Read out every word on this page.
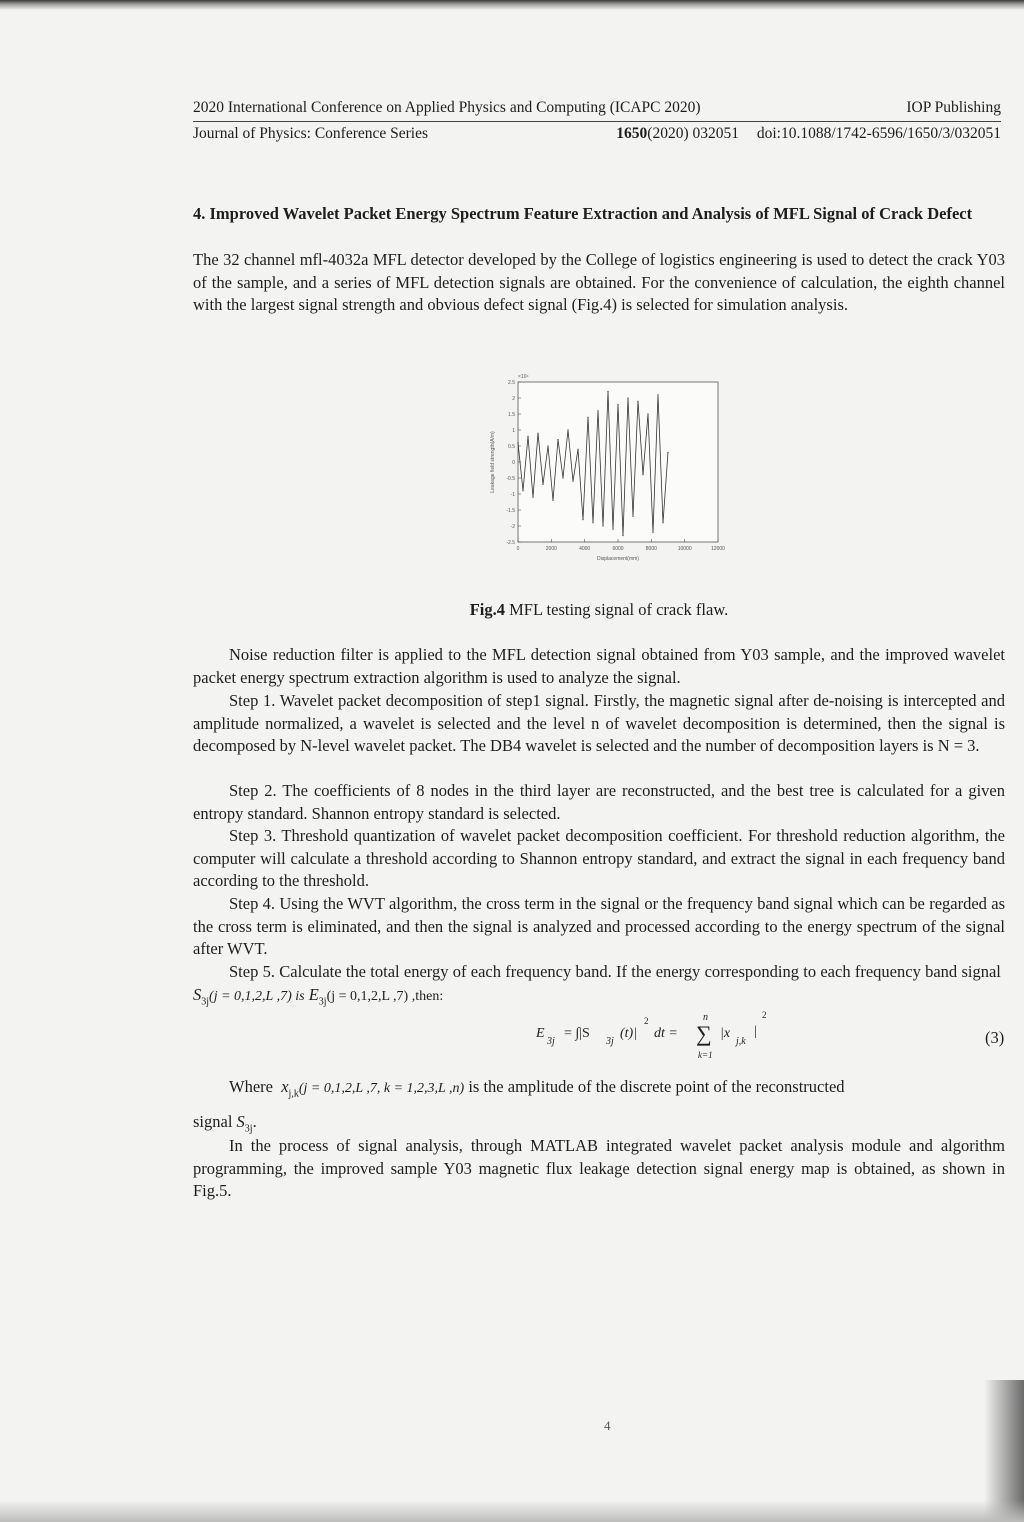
2020 International Conference on Applied Physics and Computing (ICAPC 2020)	IOP Publishing
Journal of Physics: Conference Series	1650(2020) 032051 doi:10.1088/1742-6596/1650/3/032051
4. Improved Wavelet Packet Energy Spectrum Feature Extraction and Analysis of MFL Signal of Crack Defect
The 32 channel mfl-4032a MFL detector developed by the College of logistics engineering is used to detect the crack Y03 of the sample, and a series of MFL detection signals are obtained. For the convenience of calculation, the eighth channel with the largest signal strength and obvious defect signal (Fig.4) is selected for simulation analysis.
0	2000	4000	6000	8000	10000	12000
2.5
2
1.5
1
0.5
0
-0.5
-1
-1.5
-2
-2.5
×10⁴
Displacement(mm)
Leakage field strength(A/m)
Fig.4 MFL testing signal of crack flaw.
Noise reduction filter is applied to the MFL detection signal obtained from Y03 sample, and the improved wavelet packet energy spectrum extraction algorithm is used to analyze the signal.
Step 1. Wavelet packet decomposition of step1 signal. Firstly, the magnetic signal after de-noising is intercepted and amplitude normalized, a wavelet is selected and the level n of wavelet decomposition is determined, then the signal is decomposed by N-level wavelet packet. The DB4 wavelet is selected and the number of decomposition layers is N = 3.
Step 2. The coefficients of 8 nodes in the third layer are reconstructed, and the best tree is calculated for a given entropy standard. Shannon entropy standard is selected.
Step 3. Threshold quantization of wavelet packet decomposition coefficient. For threshold reduction algorithm, the computer will calculate a threshold according to Shannon entropy standard, and extract the signal in each frequency band according to the threshold.
Step 4. Using the WVT algorithm, the cross term in the signal or the frequency band signal which can be regarded as the cross term is eliminated, and then the signal is analyzed and processed according to the energy spectrum of the signal after WVT.
Step 5. Calculate the total energy of each frequency band. If the energy corresponding to each frequency band signal  $S_{3j}(j = 0,1,2,L$ ,7) is $E_{3j}(j = 0,1,2,L$ ,7) ,then:
E
3j
= ∫|S
3j
(t)|
2
dt =
n
∑
k=1
|x
j,k
|
2
(3)
Where $x_{j,k}(j = 0,1,2,L$ ,7, k = 1,2,3,L ,n) is the amplitude of the discrete point of the reconstructed
signal $S_{3j}$.
In the process of signal analysis, through MATLAB integrated wavelet packet analysis module and algorithm programming, the improved sample Y03 magnetic flux leakage detection signal energy map is obtained, as shown in Fig.5.
4
